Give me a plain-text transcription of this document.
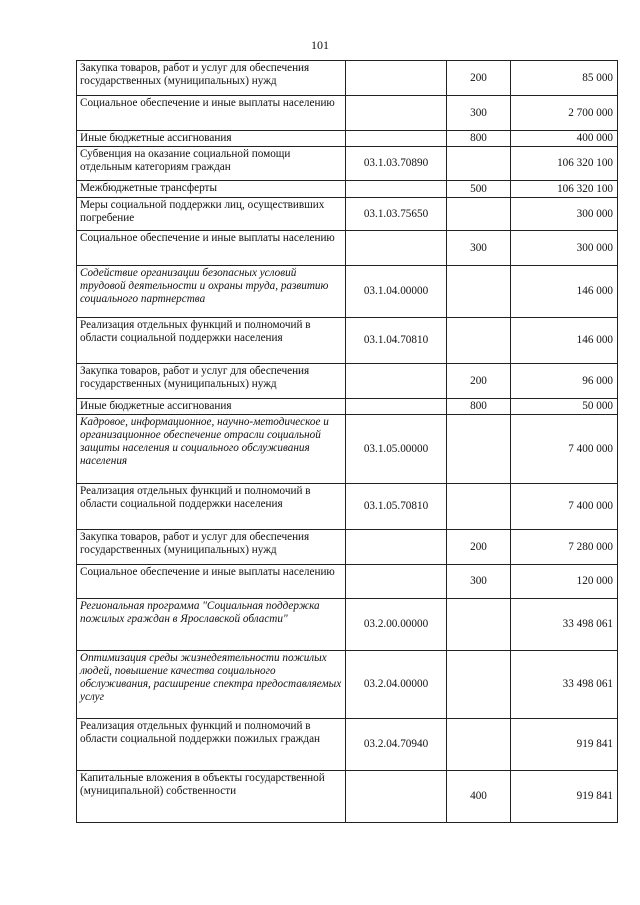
101
Закупка товаров, работ и услуг для обеспечения государственных (муниципальных) нужд		200	85 000

Социальное обеспечение и иные выплаты населению		300	2 700 000

Иные бюджетные ассигнования		800	400 000

Субвенция на оказание социальной помощи отдельным категориям граждан	03.1.03.70890		106 320 100

Межбюджетные трансферты		500	106 320 100

Меры социальной поддержки лиц, осуществивших погребение	03.1.03.75650		300 000

Социальное обеспечение и иные выплаты населению		300	300 000

Содействие организации безопасных условий трудовой деятельности и охраны труда, развитию социального партнерства	03.1.04.00000		146 000

Реализация отдельных функций и полномочий в области социальной поддержки населения	03.1.04.70810		146 000

Закупка товаров, работ и услуг для обеспечения государственных (муниципальных) нужд		200	96 000

Иные бюджетные ассигнования		800	50 000

Кадровое, информационное, научно-методическое и организационное обеспечение отрасли социальной защиты населения и социального обслуживания населения	03.1.05.00000		7 400 000

Реализация отдельных функций и полномочий в области социальной поддержки населения	03.1.05.70810		7 400 000

Закупка товаров, работ и услуг для обеспечения государственных (муниципальных) нужд		200	7 280 000

Социальное обеспечение и иные выплаты населению		300	120 000

Региональная программа "Социальная поддержка пожилых граждан в Ярославской области"	03.2.00.00000		33 498 061

Оптимизация среды жизнедеятельности пожилых людей, повышение качества социального обслуживания, расширение спектра предоставляемых услуг	03.2.04.00000		33 498 061

Реализация отдельных функций и полномочий в области социальной поддержки пожилых граждан	03.2.04.70940		919 841

Капитальные вложения в объекты государственной (муниципальной) собственности		400	919 841
